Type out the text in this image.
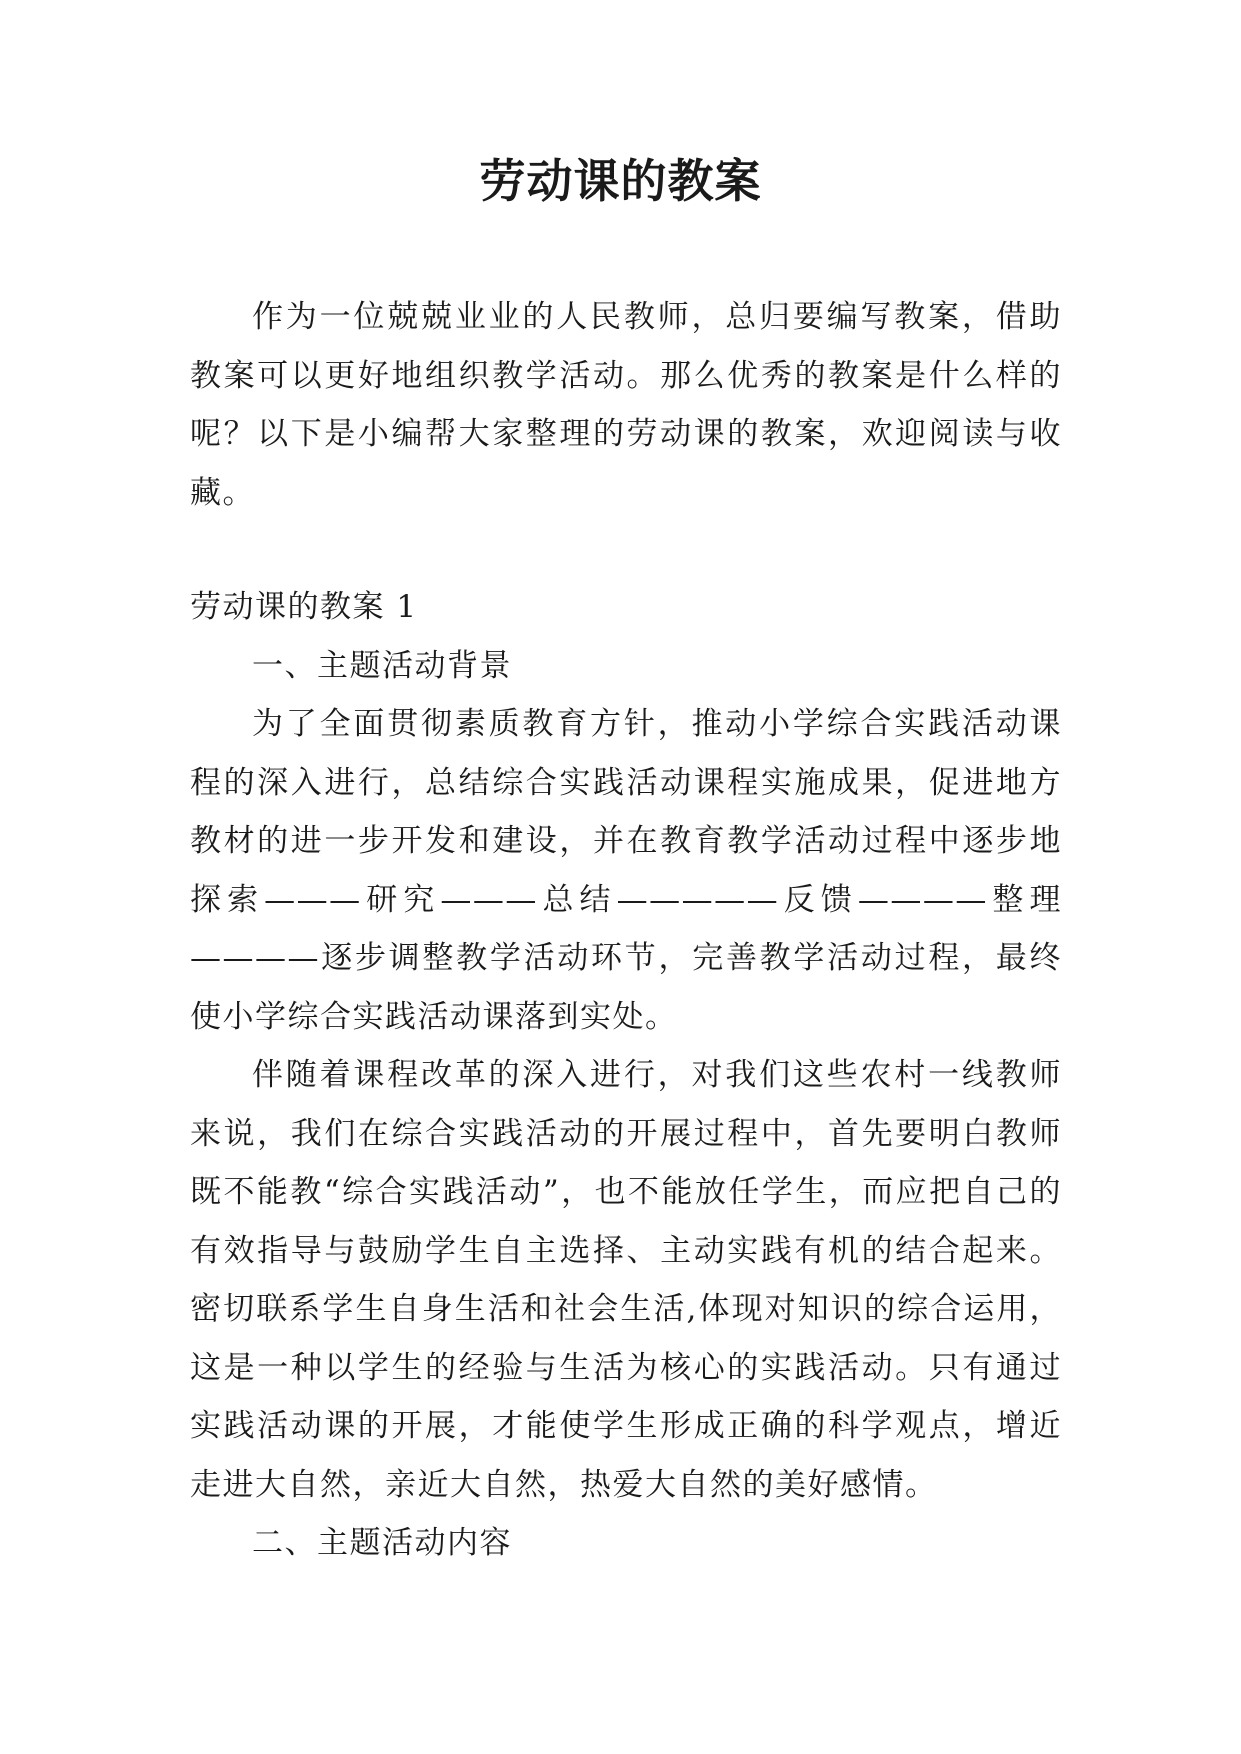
劳动课的教案

作为一位兢兢业业的人民教师，总归要编写教案，借助教案可以更好地组织教学活动。那么优秀的教案是什么样的呢？以下是小编帮大家整理的劳动课的教案，欢迎阅读与收藏。

劳动课的教案 1

一、主题活动背景

为了全面贯彻素质教育方针，推动小学综合实践活动课程的深入进行，总结综合实践活动课程实施成果，促进地方教材的进一步开发和建设，并在教育教学活动过程中逐步地探索———研究———总结—————反馈————整理————逐步调整教学活动环节，完善教学活动过程，最终使小学综合实践活动课落到实处。

伴随着课程改革的深入进行，对我们这些农村一线教师来说，我们在综合实践活动的开展过程中，首先要明白教师既不能教“综合实践活动”，也不能放任学生，而应把自己的有效指导与鼓励学生自主选择、主动实践有机的结合起来。密切联系学生自身生活和社会生活,体现对知识的综合运用，这是一种以学生的经验与生活为核心的实践活动。只有通过实践活动课的开展，才能使学生形成正确的科学观点，增近走进大自然，亲近大自然，热爱大自然的美好感情。

二、主题活动内容
